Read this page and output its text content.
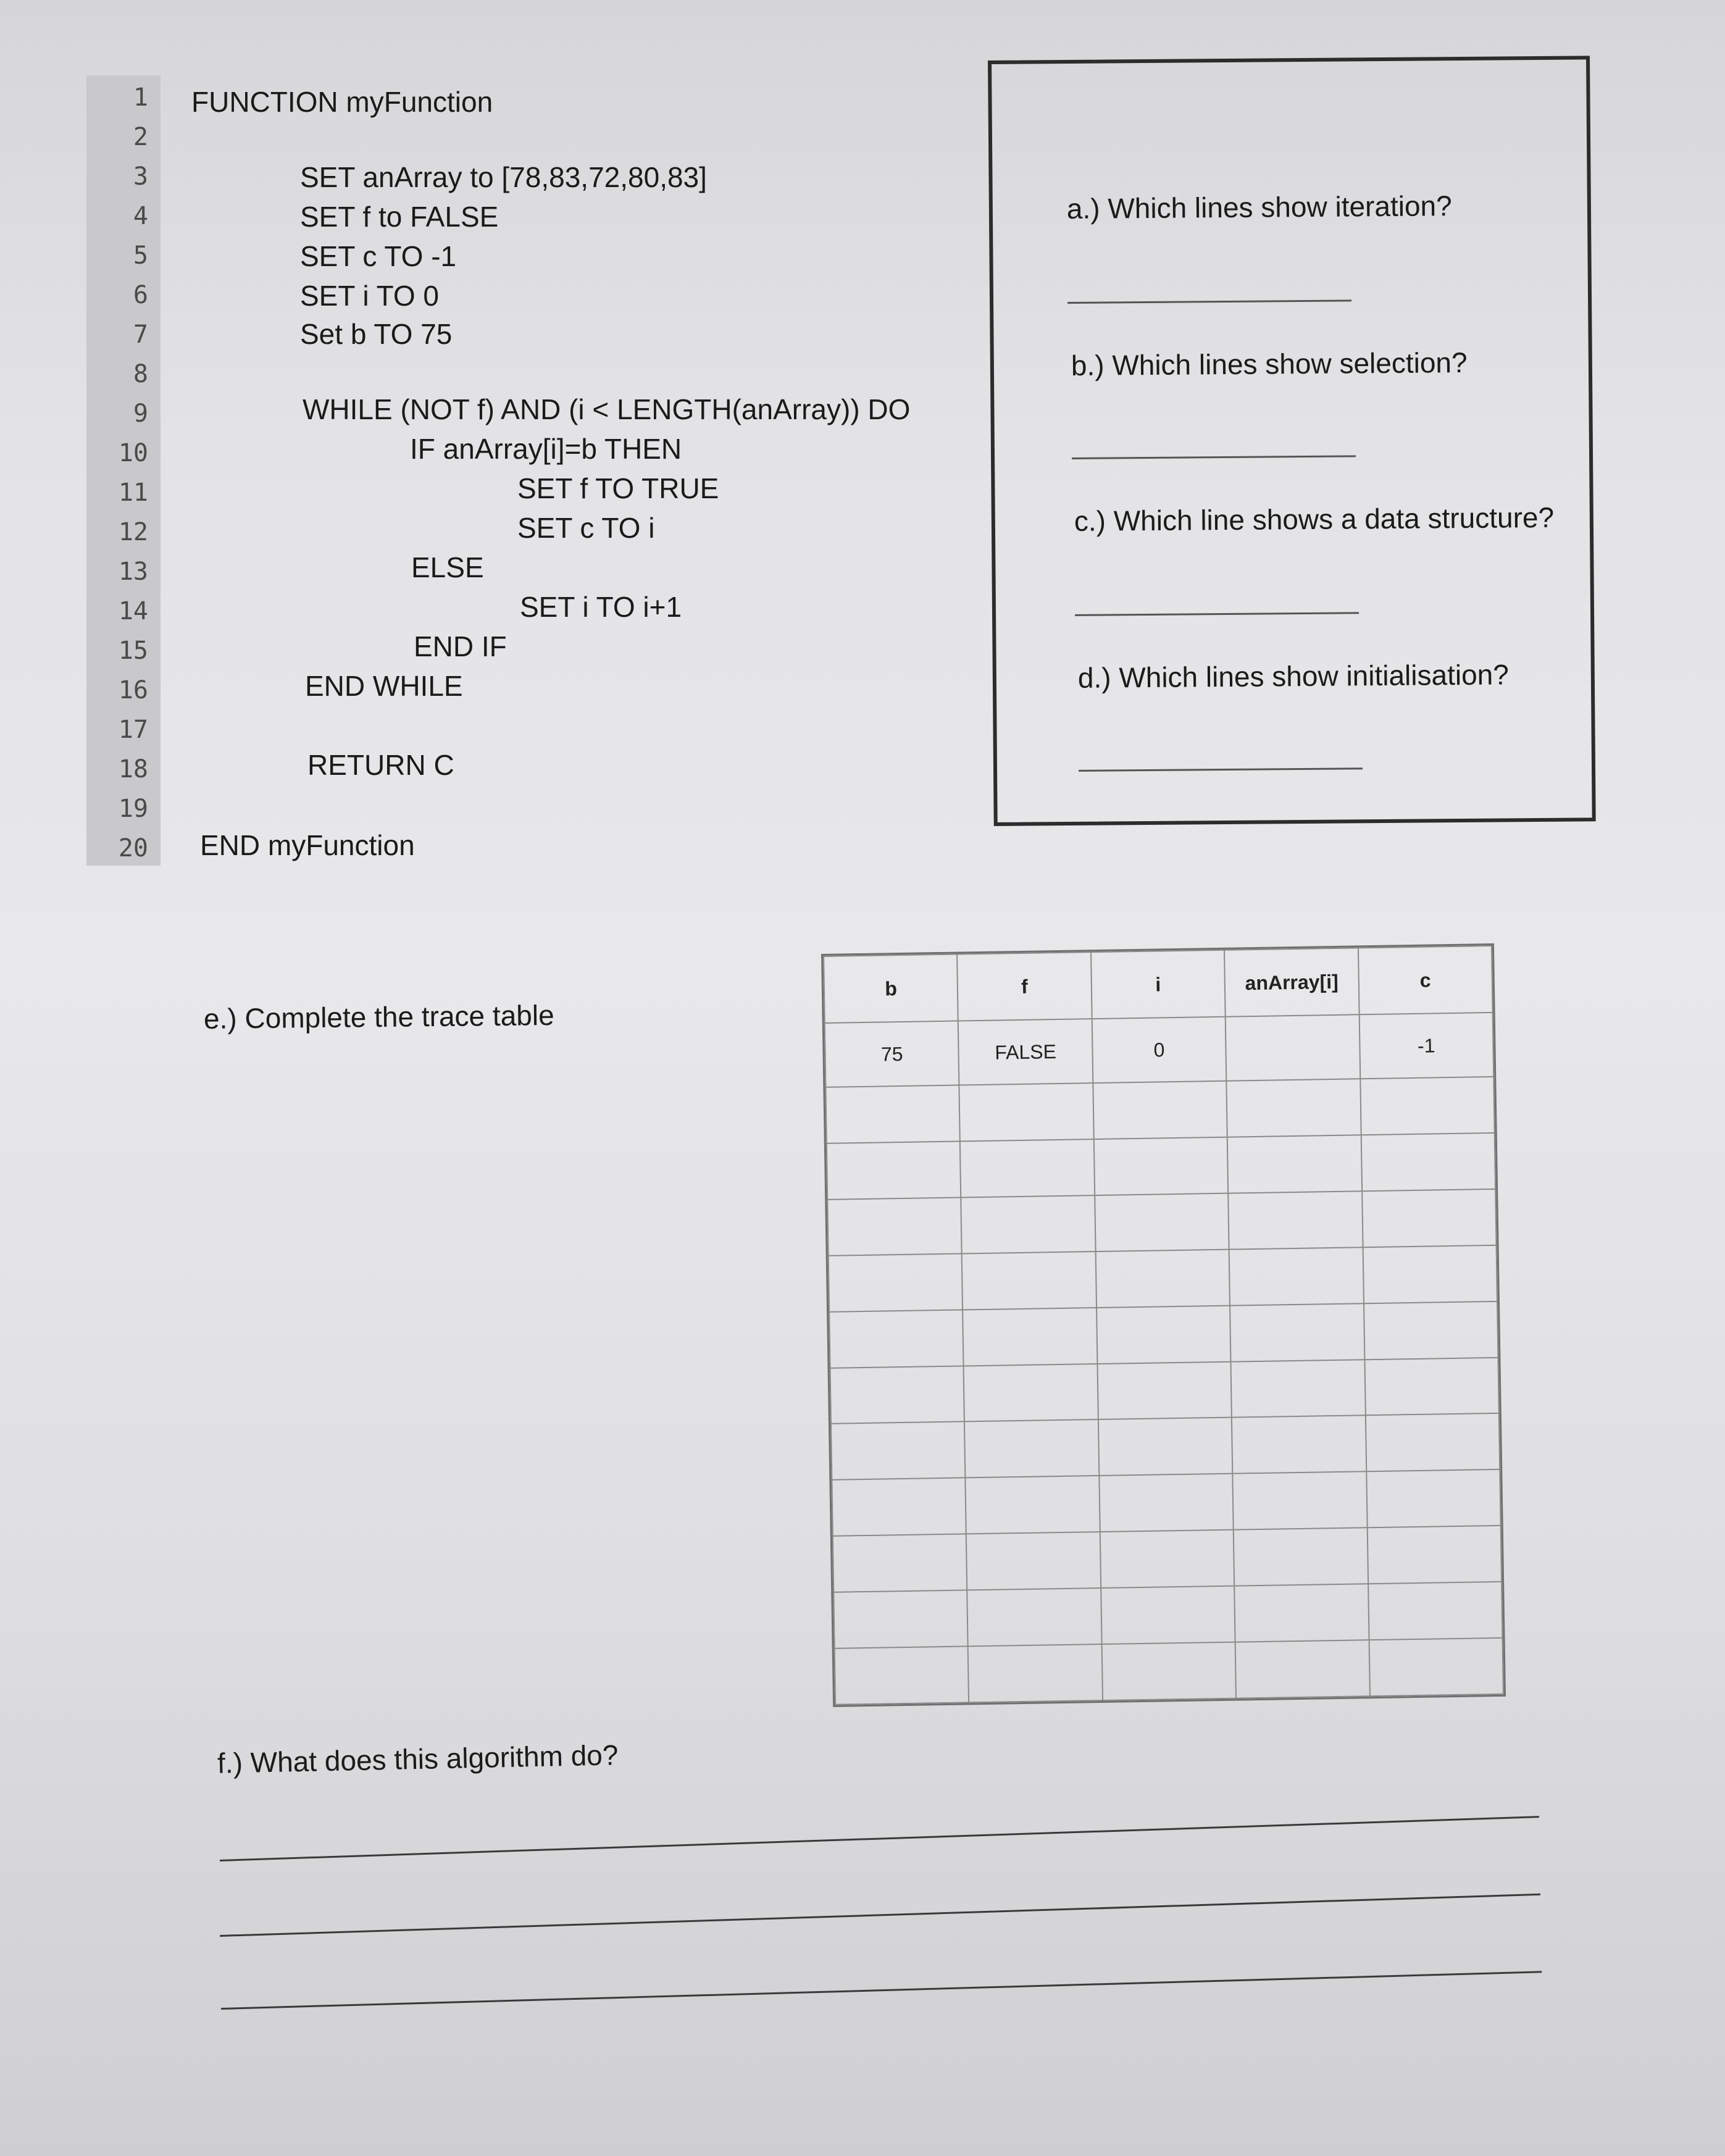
1
2
3
4
5
6
7
8
9
10
11
12
13
14
15
16
17
18
19
20
FUNCTION myFunction
SET anArray to [78,83,72,80,83]
SET f to FALSE
SET c TO -1
SET i TO 0
Set b TO 75
WHILE (NOT f) AND (i < LENGTH(anArray)) DO
IF anArray[i]=b THEN
SET f TO TRUE
SET c TO i
ELSE
SET i TO i+1
END IF
END WHILE
RETURN C
END myFunction

a.) Which lines show iteration?
b.) Which lines show selection?
c.) Which line shows a data structure?
d.) Which lines show initialisation?
e.) Complete the trace table
b	f	i	anArray[i]	c
75	FALSE	0		-1

f.) What does this algorithm do?
